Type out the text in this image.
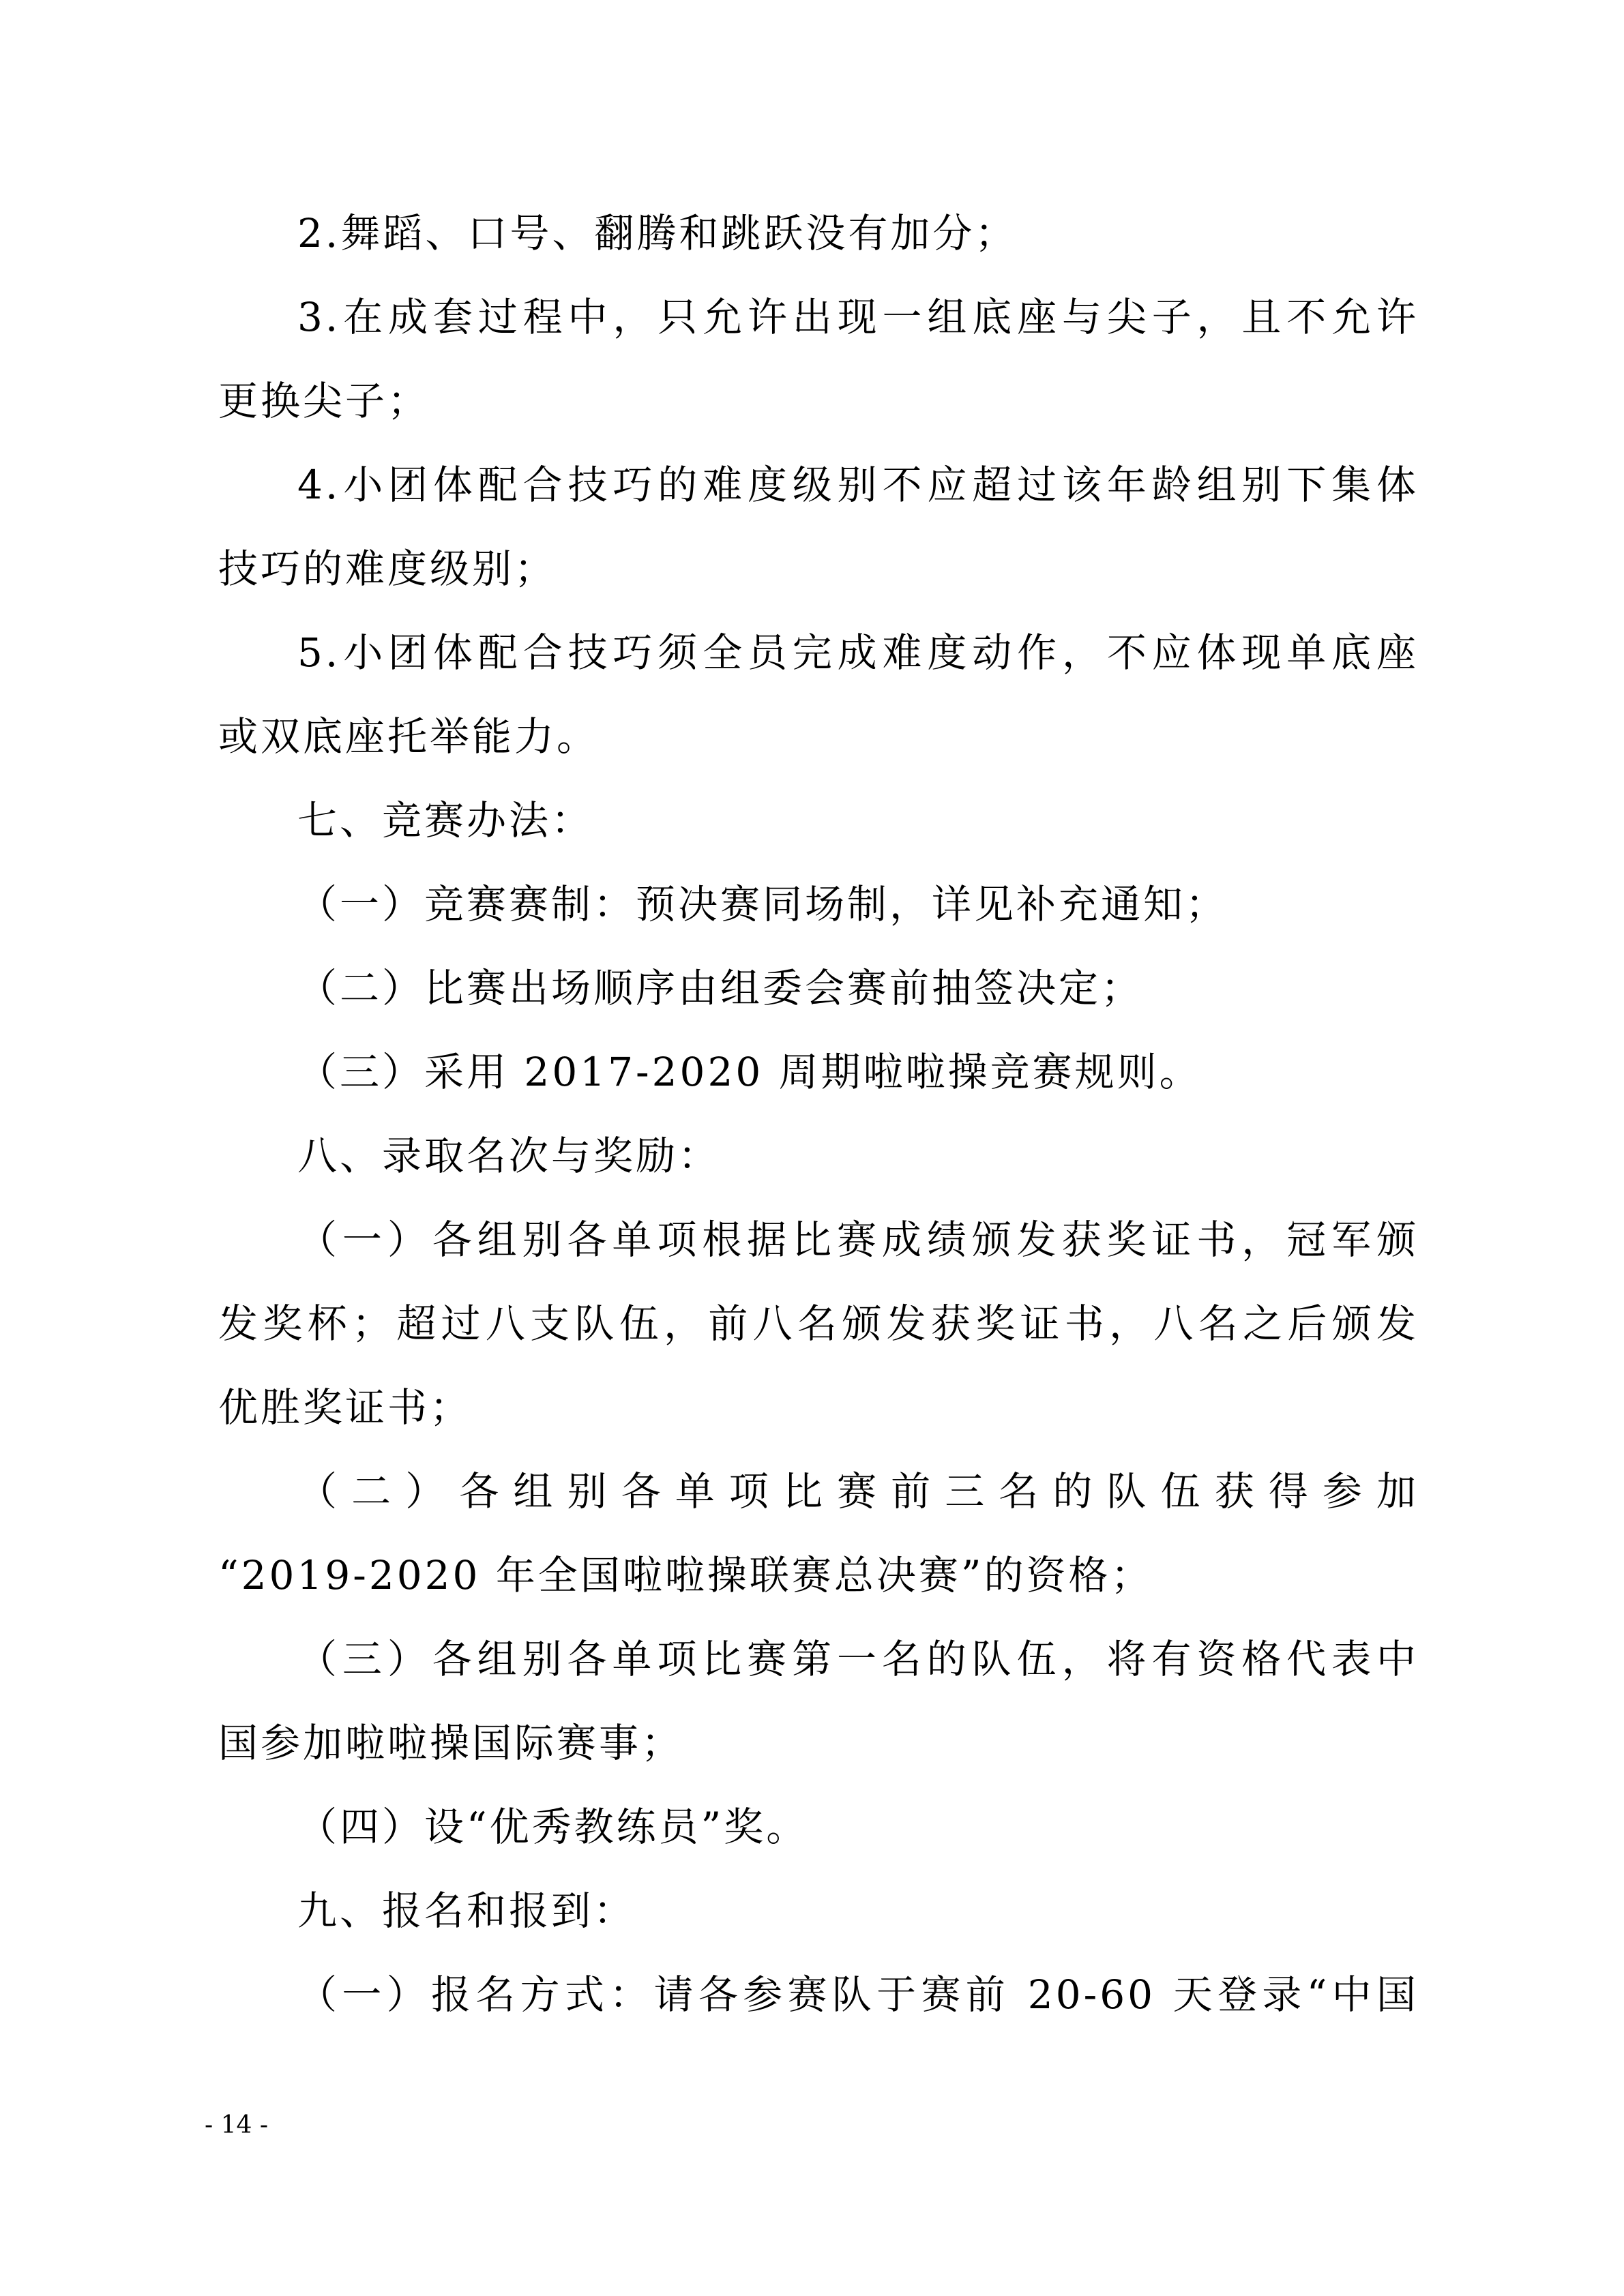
2.舞蹈、口号、翻腾和跳跃没有加分；

3.在成套过程中，只允许出现一组底座与尖子，且不允许

更换尖子；

4.小团体配合技巧的难度级别不应超过该年龄组别下集体

技巧的难度级别；

5.小团体配合技巧须全员完成难度动作，不应体现单底座

或双底座托举能力。

七、竞赛办法：

（一）竞赛赛制：预决赛同场制，详见补充通知；

（二）比赛出场顺序由组委会赛前抽签决定；

（三）采用 2017-2020 周期啦啦操竞赛规则。

八、录取名次与奖励：

（一）各组别各单项根据比赛成绩颁发获奖证书，冠军颁

发奖杯；超过八支队伍，前八名颁发获奖证书，八名之后颁发

优胜奖证书；

（二）各组别各单项比赛前三名的队伍获得参加

“2019-2020 年全国啦啦操联赛总决赛”的资格；

（三）各组别各单项比赛第一名的队伍，将有资格代表中

国参加啦啦操国际赛事；

（四）设“优秀教练员”奖。

九、报名和报到：

（一）报名方式：请各参赛队于赛前 20-60 天登录“中国

- 14 -
